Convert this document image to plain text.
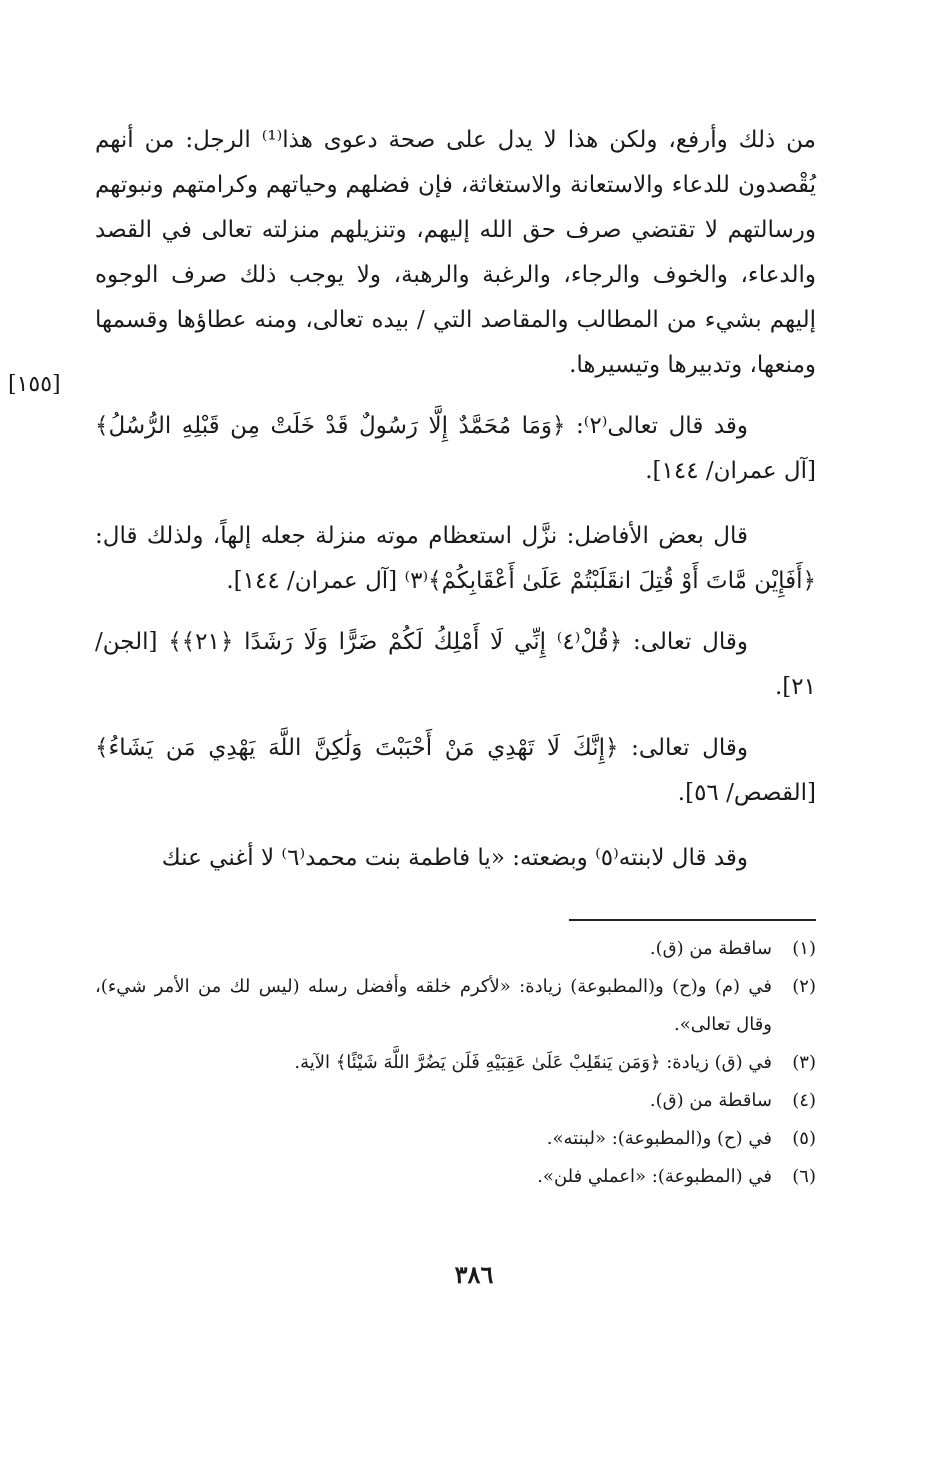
من ذلك وأرفع، ولكن هذا لا يدل على صحة دعوى هذا⁽¹⁾ الرجل: من أنهم يُقْصدون للدعاء والاستعانة والاستغاثة، فإن فضلهم وحياتهم وكرامتهم ونبوتهم ورسالتهم لا تقتضي صرف حق الله إليهم، وتنزيلهم منزلته تعالى في القصد والدعاء، والخوف والرجاء، والرغبة والرهبة، ولا يوجب ذلك صرف الوجوه إليهم بشيء من المطالب والمقاصد التي / بيده تعالى، ومنه عطاؤها وقسمها ومنعها، وتدبيرها وتيسيرها.

وقد قال تعالى⁽٢⁾: ﴿وَمَا مُحَمَّدٌ إِلَّا رَسُولٌ قَدْ خَلَتْ مِن قَبْلِهِ الرُّسُلُ﴾ [آل عمران/ ١٤٤].

قال بعض الأفاضل: نزَّل استعظام موته منزلة جعله إلهاً، ولذلك قال: ﴿أَفَإِيْن مَّاتَ أَوْ قُتِلَ انقَلَبْتُمْ عَلَىٰ أَعْقَابِكُمْ﴾⁽٣⁾ [آل عمران/ ١٤٤].

وقال تعالى: ﴿قُلْ⁽٤⁾ إِنِّي لَا أَمْلِكُ لَكُمْ ضَرًّا وَلَا رَشَدًا ﴿٢١﴾﴾ [الجن/ ٢١].

وقال تعالى: ﴿إِنَّكَ لَا تَهْدِي مَنْ أَحْبَبْتَ وَلَٰكِنَّ اللَّهَ يَهْدِي مَن يَشَاءُ﴾ [القصص/ ٥٦].

وقد قال لابنته⁽٥⁾ وبضعته: «يا فاطمة بنت محمد⁽٦⁾ لا أغني عنك

[١٥٥]
(١)
ساقطة من (ق).
(٢)
في (م) و(ح) و(المطبوعة) زيادة: «لأكرم خلقه وأفضل رسله (ليس لك من الأمر شيء)، وقال تعالى».
(٣)
في (ق) زيادة: ﴿وَمَن يَنقَلِبْ عَلَىٰ عَقِبَيْهِ فَلَن يَضُرَّ اللَّهَ شَيْئًا﴾ الآية.
(٤)
ساقطة من (ق).
(٥)
في (ح) و(المطبوعة): «لبنته».
(٦)
في (المطبوعة): «اعملي فلن».
٣٨٦
